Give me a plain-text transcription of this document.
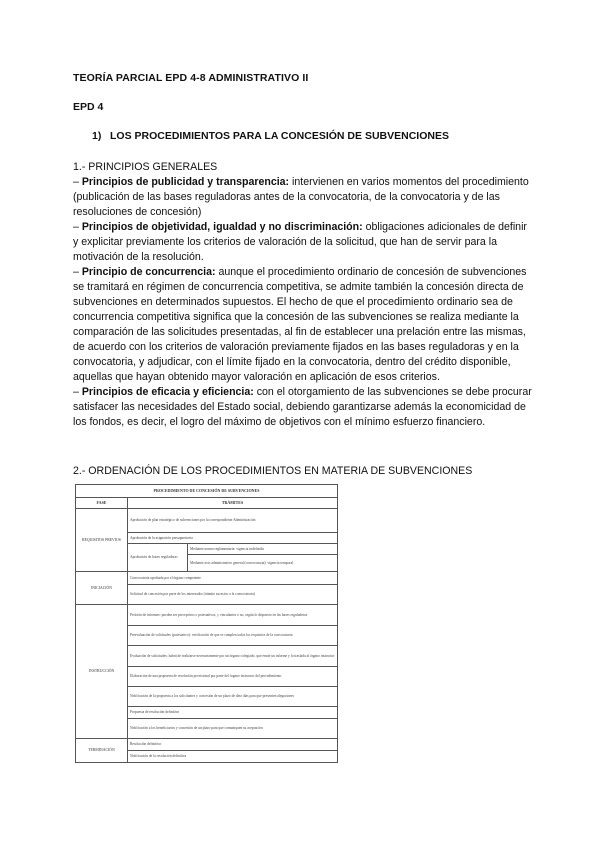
TEORÍA PARCIAL EPD 4-8 ADMINISTRATIVO II
EPD 4
1) LOS PROCEDIMIENTOS PARA LA CONCESIÓN DE SUBVENCIONES

1.- PRINCIPIOS GENERALES

– Principios de publicidad y transparencia: intervienen en varios momentos del procedimiento (publicación de las bases reguladoras antes de la convocatoria, de la convocatoria y de las resoluciones de concesión)

– Principios de objetividad, igualdad y no discriminación: obligaciones adicionales de definir y explicitar previamente los criterios de valoración de la solicitud, que han de servir para la motivación de la resolución.

– Principio de concurrencia: aunque el procedimiento ordinario de concesión de subvenciones se tramitará en régimen de concurrencia competitiva, se admite también la concesión directa de subvenciones en determinados supuestos. El hecho de que el procedimiento ordinario sea de concurrencia competitiva significa que la concesión de las subvenciones se realiza mediante la comparación de las solicitudes presentadas, al fin de establecer una prelación entre las mismas, de acuerdo con los criterios de valoración previamente fijados en las bases reguladoras y en la convocatoria, y adjudicar, con el límite fijado en la convocatoria, dentro del crédito disponible, aquellas que hayan obtenido mayor valoración en aplicación de esos criterios.

– Principios de eficacia y eficiencia: con el otorgamiento de las subvenciones se debe procurar satisfacer las necesidades del Estado social, debiendo garantizarse además la economicidad de los fondos, es decir, el logro del máximo de objetivos con el mínimo esfuerzo financiero.

2.- ORDENACIÓN DE LOS PROCEDIMIENTOS EN MATERIA DE SUBVENCIONES
PROCEDIMIENTO DE CONCESIÓN DE SUBVENCIONES		
FASE	TRÁMITES	
REQUISITOS PREVIOS	Aprobación de plan estratégico de subvenciones por la correspondiente Administración	
	Aprobación de la asignación presupuestaria	
	Aprobación de bases reguladoras	Mediante norma reglamentaria: vigencia indefinida
		Mediante acto administrativo general (convocatoria); vigencia temporal
INICIACIÓN	Convocatoria aprobada por el órgano competente	
	Solicitud de concesión por parte de los interesados (trámite sucesivo a la convocatoria)	
INSTRUCCIÓN	Petición de informes: pueden ser preceptivos o potestativos, y vinculantes o no, según lo dispuesto en las bases reguladoras	
	Preevaluación de solicitudes (potestativo): verificación de que se cumplen todos los requisitos de la convocatoria	
	Evaluación de solicitudes: habrá de realizarse necesariamente por un órgano colegiado, que emite un informe y lo traslada al órgano instructor	
	Elaboración de una propuesta de resolución provisional por parte del órgano instructor del procedimiento	
	Notificación de la propuesta a los solicitantes y concesión de un plazo de diez días para que presenten alegaciones	
	Propuesta de resolución definitiva	
	Notificación a los beneficiarios y concesión de un plazo para que comuniquen su aceptación	
TERMINACIÓN	Resolución definitiva	
	Notificación de la resolución definitiva	
